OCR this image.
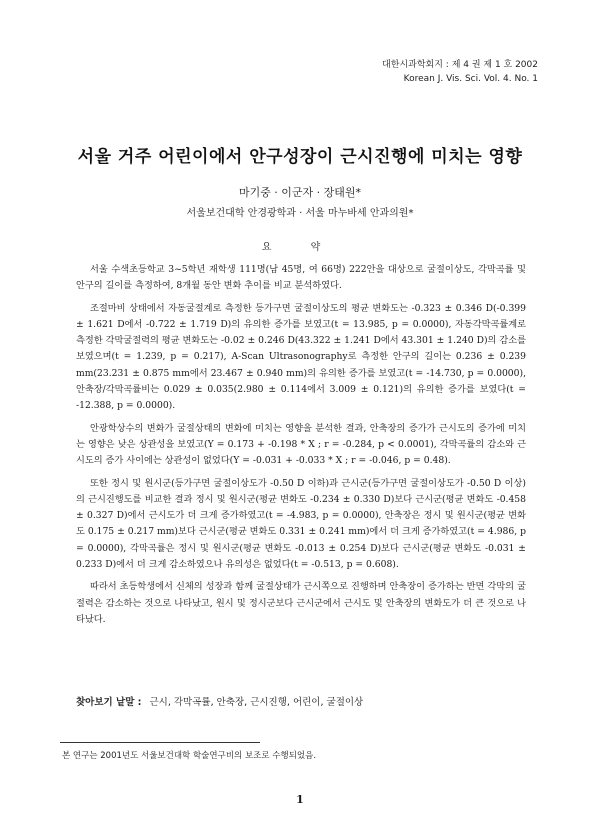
대한시과학회지 : 제 4 권 제 1 호 2002
Korean J. Vis. Sci. Vol. 4. No. 1
서울 거주 어린이에서 안구성장이 근시진행에 미치는 영향
마기중 · 이군자 · 장태원*
서울보건대학 안경광학과 · 서울 마누바세 안과의원*
요 약

서울 수색초등학교 3~5학년 재학생 111명(남 45명, 여 66명) 222안을 대상으로 굴절이상도, 각막곡률 및 안구의 길이를 측정하여, 8개월 동안 변화 추이를 비교 분석하였다.

조절마비 상태에서 자동굴절계로 측정한 등가구면 굴절이상도의 평균 변화도는 -0.323 ± 0.346 D(-0.399 ± 1.621 D에서 -0.722 ± 1.719 D)의 유의한 증가를 보였고(t = 13.985, p = 0.0000), 자동각막곡률계로 측정한 각막굴절력의 평균 변화도는 -0.02 ± 0.246 D(43.322 ± 1.241 D에서 43.301 ± 1.240 D)의 감소를 보였으며(t = 1.239, p = 0.217), A-Scan Ultrasonography로 측정한 안구의 길이는 0.236 ± 0.239 mm(23.231 ± 0.875 mm에서 23.467 ± 0.940 mm)의 유의한 증가를 보였고(t = -14.730, p = 0.0000), 안축장/각막곡률비는 0.029 ± 0.035(2.980 ± 0.114에서 3.009 ± 0.121)의 유의한 증가를 보였다(t = -12.388, p = 0.0000).

안광학상수의 변화가 굴절상태의 변화에 미치는 영향을 분석한 결과, 안축장의 증가가 근시도의 증가에 미치는 영향은 낮은 상관성을 보였고(Y = 0.173 + -0.198 * X ; r = -0.284, p < 0.0001), 각막곡률의 감소와 근시도의 증가 사이에는 상관성이 없었다(Y = -0.031 + -0.033 * X ; r = -0.046, p = 0.48).

또한 정시 및 원시군(등가구면 굴절이상도가 -0.50 D 이하)과 근시군(등가구면 굴절이상도가 -0.50 D 이상)의 근시진행도를 비교한 결과 정시 및 원시군(평균 변화도 -0.234 ± 0.330 D)보다 근시군(평균 변화도 -0.458 ± 0.327 D)에서 근시도가 더 크게 증가하였고(t = -4.983, p = 0.0000), 안축장은 정시 및 원시군(평균 변화도 0.175 ± 0.217 mm)보다 근시군(평균 변화도 0.331 ± 0.241 mm)에서 더 크게 증가하였고(t = 4.986, p = 0.0000), 각막곡률은 정시 및 원시군(평균 변화도 -0.013 ± 0.254 D)보다 근시군(평균 변화도 -0.031 ± 0.233 D)에서 더 크게 감소하였으나 유의성은 없었다(t = -0.513, p = 0.608).

따라서 초등학생에서 신체의 성장과 함께 굴절상태가 근시쪽으로 진행하며 안축장이 증가하는 반면 각막의 굴절력은 감소하는 것으로 나타났고, 원시 및 정시군보다 근시군에서 근시도 및 안축장의 변화도가 더 큰 것으로 나타났다.

찾아보기 낱말 : 근시, 각막곡률, 안축장, 근시진행, 어린이, 굴절이상
본 연구는 2001년도 서울보건대학 학술연구비의 보조로 수행되었음.
1
